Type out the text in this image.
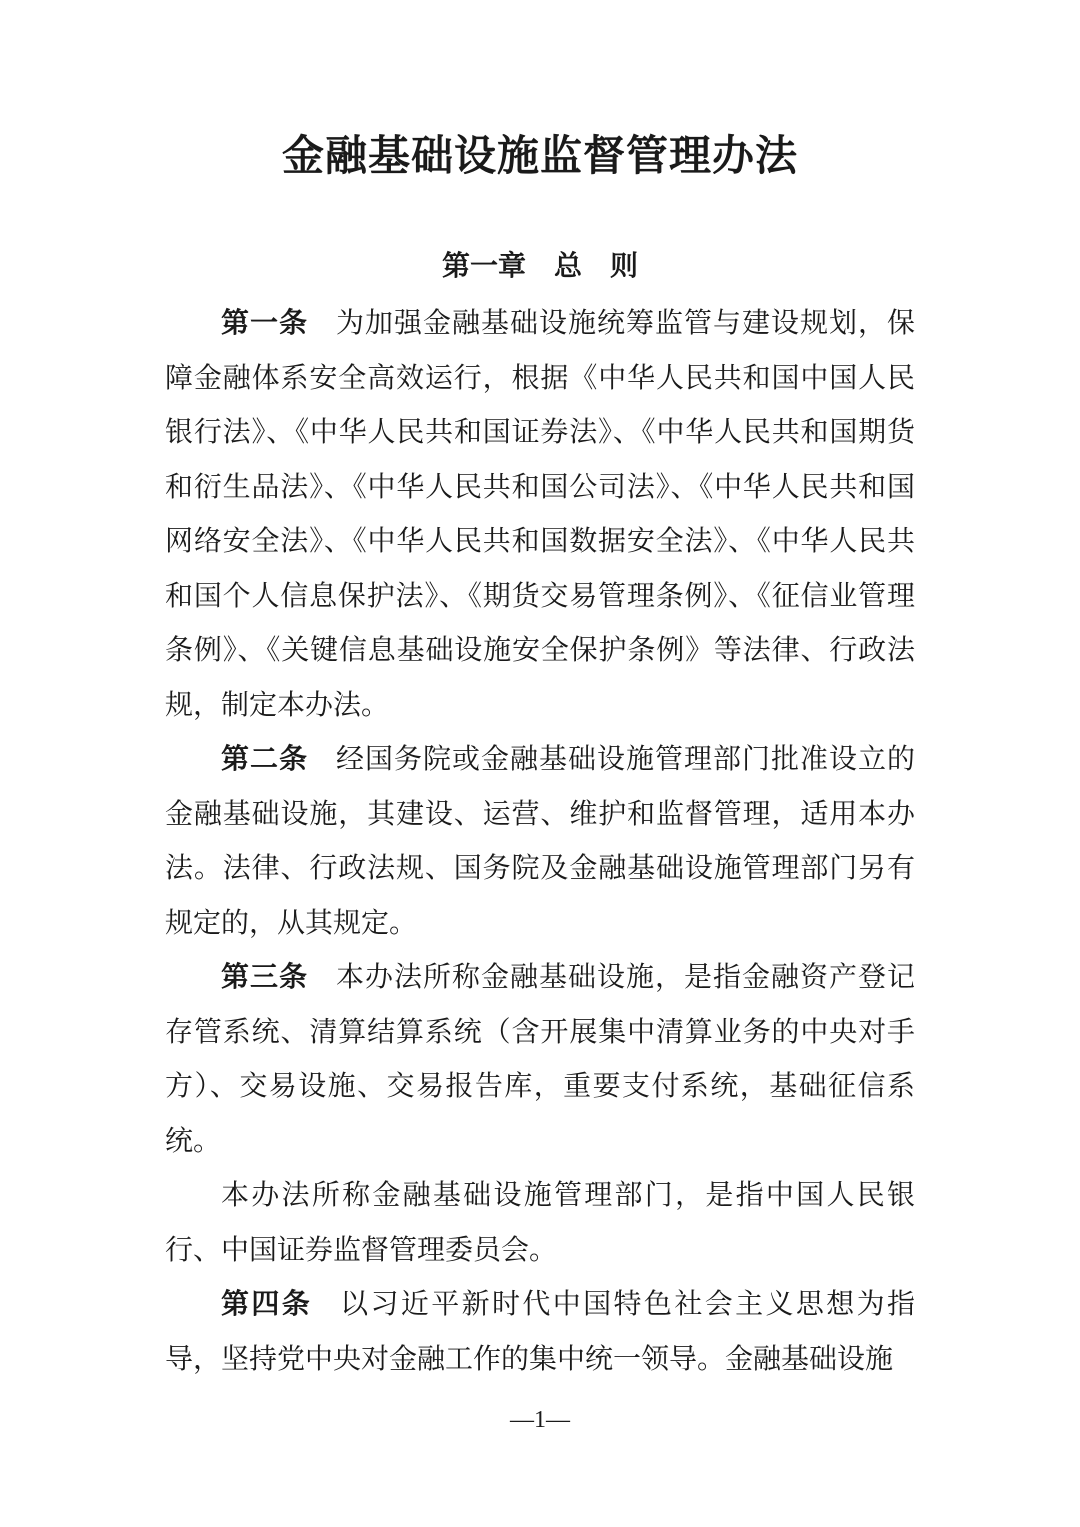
金融基础设施监督管理办法
第一章　总　则

第一条 为加强金融基础设施统筹监管与建设规划，保障金融体系安全高效运行，根据《中华人民共和国中国人民银行法》、《中华人民共和国证券法》、《中华人民共和国期货和衍生品法》、《中华人民共和国公司法》、《中华人民共和国网络安全法》、《中华人民共和国数据安全法》、《中华人民共和国个人信息保护法》、《期货交易管理条例》、《征信业管理条例》、《关键信息基础设施安全保护条例》等法律、行政法规，制定本办法。

第二条 经国务院或金融基础设施管理部门批准设立的金融基础设施，其建设、运营、维护和监督管理，适用本办法。法律、行政法规、国务院及金融基础设施管理部门另有规定的，从其规定。

第三条 本办法所称金融基础设施，是指金融资产登记存管系统、清算结算系统（含开展集中清算业务的中央对手方）、交易设施、交易报告库，重要支付系统，基础征信系统。

本办法所称金融基础设施管理部门，是指中国人民银行、中国证券监督管理委员会。

第四条 以习近平新时代中国特色社会主义思想为指导，坚持党中央对金融工作的集中统一领导。金融基础设施

—1—
